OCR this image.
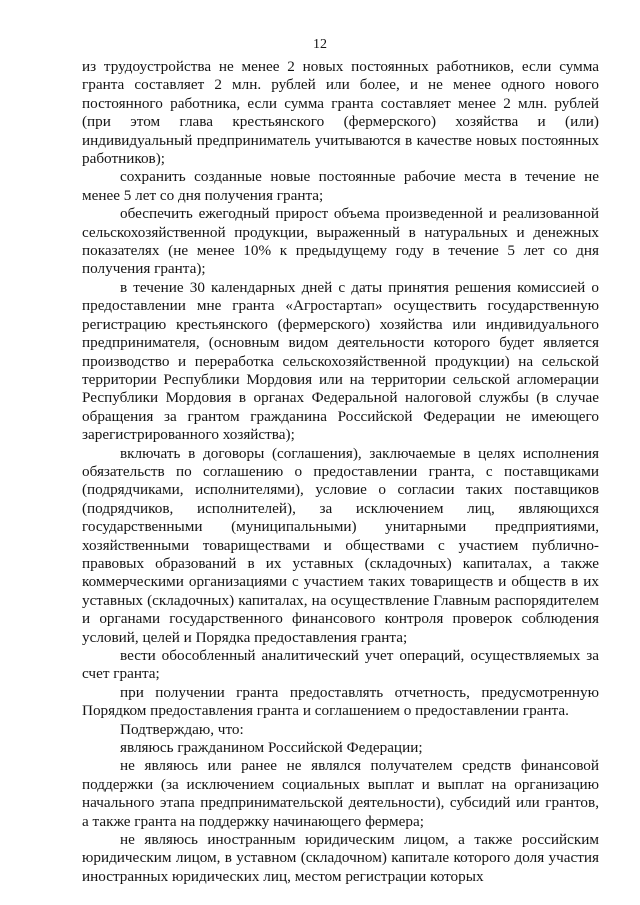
12

из трудоустройства не менее 2 новых постоянных работников, если сумма гранта составляет 2 млн. рублей или более, и не менее одного нового постоянного работника, если сумма гранта составляет менее 2 млн. рублей (при этом глава крестьянского (фермерского) хозяйства и (или) индивидуальный предприниматель учитываются в качестве новых постоянных работников);

сохранить созданные новые постоянные рабочие места в течение не менее 5 лет со дня получения гранта;

обеспечить ежегодный прирост объема произведенной и реализованной сельскохозяйственной продукции, выраженный в натуральных и денежных показателях (не менее 10% к предыдущему году в течение 5 лет со дня получения гранта);

в течение 30 календарных дней с даты принятия решения комиссией о предоставлении мне гранта «Агростартап» осуществить государственную регистрацию крестьянского (фермерского) хозяйства или индивидуального предпринимателя, (основным видом деятельности которого будет является производство и переработка сельскохозяйственной продукции) на сельской территории Республики Мордовия или на территории сельской агломерации Республики Мордовия в органах Федеральной налоговой службы (в случае обращения за грантом гражданина Российской Федерации не имеющего зарегистрированного хозяйства);

включать в договоры (соглашения), заключаемые в целях исполнения обязательств по соглашению о предоставлении гранта, с поставщиками (подрядчиками, исполнителями), условие о согласии таких поставщиков (подрядчиков, исполнителей), за исключением лиц, являющихся государственными (муниципальными) унитарными предприятиями, хозяйственными товариществами и обществами с участием публично-правовых образований в их уставных (складочных) капиталах, а также коммерческими организациями с участием таких товариществ и обществ в их уставных (складочных) капиталах, на осуществление Главным распорядителем и органами государственного финансового контроля проверок соблюдения условий, целей и Порядка предоставления гранта;

вести обособленный аналитический учет операций, осуществляемых за счет гранта;

при получении гранта предоставлять отчетность, предусмотренную Порядком предоставления гранта и соглашением о предоставлении гранта.

Подтверждаю, что:

являюсь гражданином Российской Федерации;

не являюсь или ранее не являлся получателем средств финансовой поддержки (за исключением социальных выплат и выплат на организацию начального этапа предпринимательской деятельности), субсидий или грантов, а также гранта на поддержку начинающего фермера;

не являюсь иностранным юридическим лицом, а также российским юридическим лицом, в уставном (складочном) капитале которого доля участия иностранных юридических лиц, местом регистрации которых
